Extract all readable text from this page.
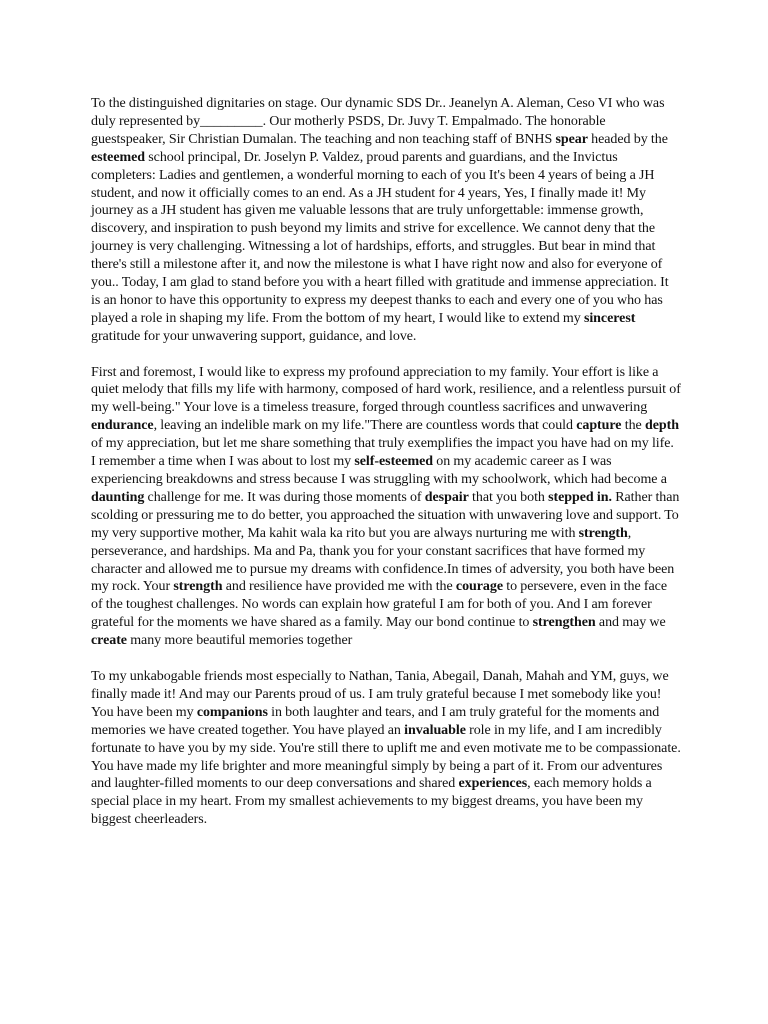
To the distinguished dignitaries on stage. Our dynamic SDS Dr.. Jeanelyn A. Aleman, Ceso VI who was duly represented by_________. Our motherly PSDS, Dr. Juvy T. Empalmado. The honorable guestspeaker, Sir Christian Dumalan. The teaching and non teaching staff of BNHS spear headed by the esteemed school principal, Dr. Joselyn P. Valdez, proud parents and guardians, and the Invictus completers: Ladies and gentlemen, a wonderful morning to each of you It's been 4 years of being a JH student, and now it officially comes to an end. As a JH student for 4 years, Yes, I finally made it! My journey as a JH student has given me valuable lessons that are truly unforgettable: immense growth, discovery, and inspiration to push beyond my limits and strive for excellence. We cannot deny that the journey is very challenging. Witnessing a lot of hardships, efforts, and struggles. But bear in mind that there's still a milestone after it, and now the milestone is what I have right now and also for everyone of you.. Today, I am glad to stand before you with a heart filled with gratitude and immense appreciation. It is an honor to have this opportunity to express my deepest thanks to each and every one of you who has played a role in shaping my life. From the bottom of my heart, I would like to extend my sincerest gratitude for your unwavering support, guidance, and love.

First and foremost, I would like to express my profound appreciation to my family. Your effort is like a quiet melody that fills my life with harmony, composed of hard work, resilience, and a relentless pursuit of my well-being." Your love is a timeless treasure, forged through countless sacrifices and unwavering endurance, leaving an indelible mark on my life."There are countless words that could capture the depth of my appreciation, but let me share something that truly exemplifies the impact you have had on my life. I remember a time when I was about to lost my self-esteemed on my academic career as I was experiencing breakdowns and stress because I was struggling with my schoolwork, which had become a daunting challenge for me. It was during those moments of despair that you both stepped in. Rather than scolding or pressuring me to do better, you approached the situation with unwavering love and support. To my very supportive mother, Ma kahit wala ka rito but you are always nurturing me with strength, perseverance, and hardships. Ma and Pa, thank you for your constant sacrifices that have formed my character and allowed me to pursue my dreams with confidence.In times of adversity, you both have been my rock. Your strength and resilience have provided me with the courage to persevere, even in the face of the toughest challenges. No words can explain how grateful I am for both of you. And I am forever grateful for the moments we have shared as a family. May our bond continue to strengthen and may we create many more beautiful memories together

To my unkabogable friends most especially to Nathan, Tania, Abegail, Danah, Mahah and YM, guys, we finally made it! And may our Parents proud of us. I am truly grateful because I met somebody like you! You have been my companions in both laughter and tears, and I am truly grateful for the moments and memories we have created together. You have played an invaluable role in my life, and I am incredibly fortunate to have you by my side. You're still there to uplift me and even motivate me to be compassionate. You have made my life brighter and more meaningful simply by being a part of it. From our adventures and laughter-filled moments to our deep conversations and shared experiences, each memory holds a special place in my heart. From my smallest achievements to my biggest dreams, you have been my biggest cheerleaders.
